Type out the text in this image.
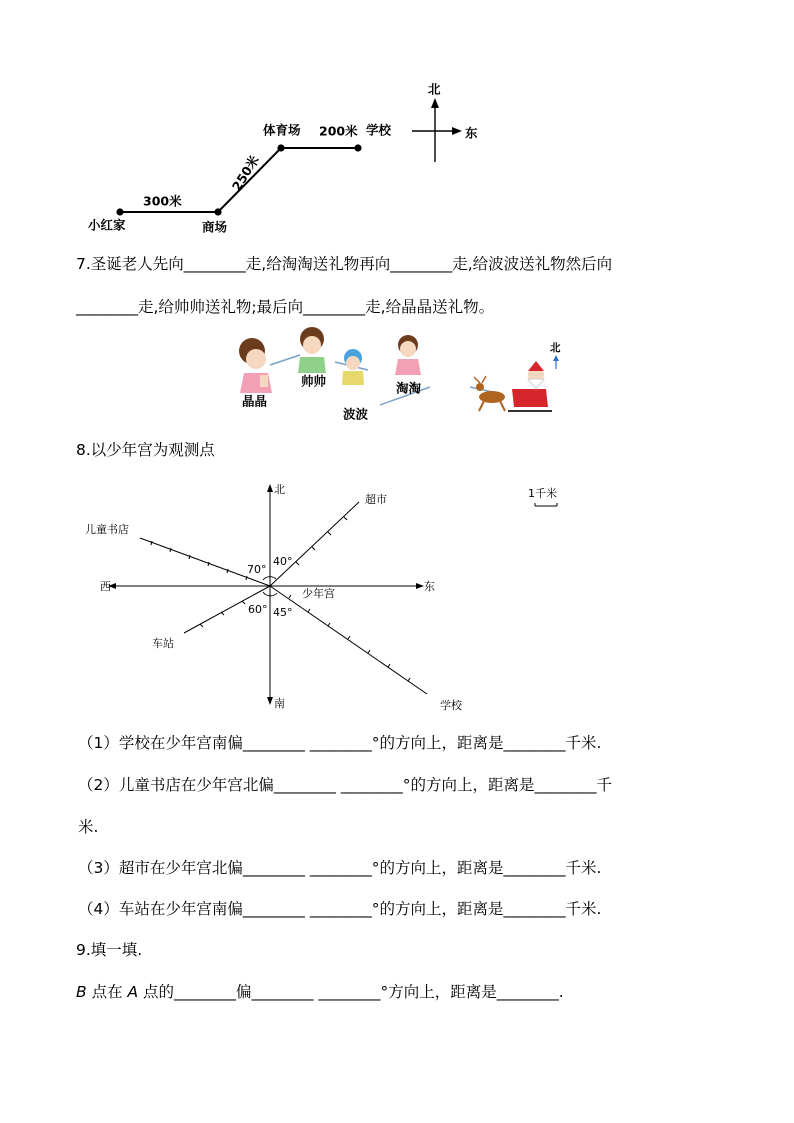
北
东
小红家	商场
体育场	学校
300米
200米
250米
7.圣诞老人先向________走,给淘淘送礼物再向________走,给波波送礼物然后向
________走,给帅帅送礼物;最后向________走,给晶晶送礼物。
晶晶
帅帅
波波
淘淘
北
8.以少年宫为观测点
北
南
东
西
少年宫
超市
儿童书店
车站
学校
70°
40°
60° 45°
1千米
（1）学校在少年宫南偏________ ________°的方向上，距离是________千米.
（2）儿童书店在少年宫北偏________ ________°的方向上，距离是________千
米.
（3）超市在少年宫北偏________ ________°的方向上，距离是________千米.
（4）车站在少年宫南偏________ ________°的方向上，距离是________千米.
9.填一填.
B 点在 A 点的________偏________ ________°方向上，距离是________.
